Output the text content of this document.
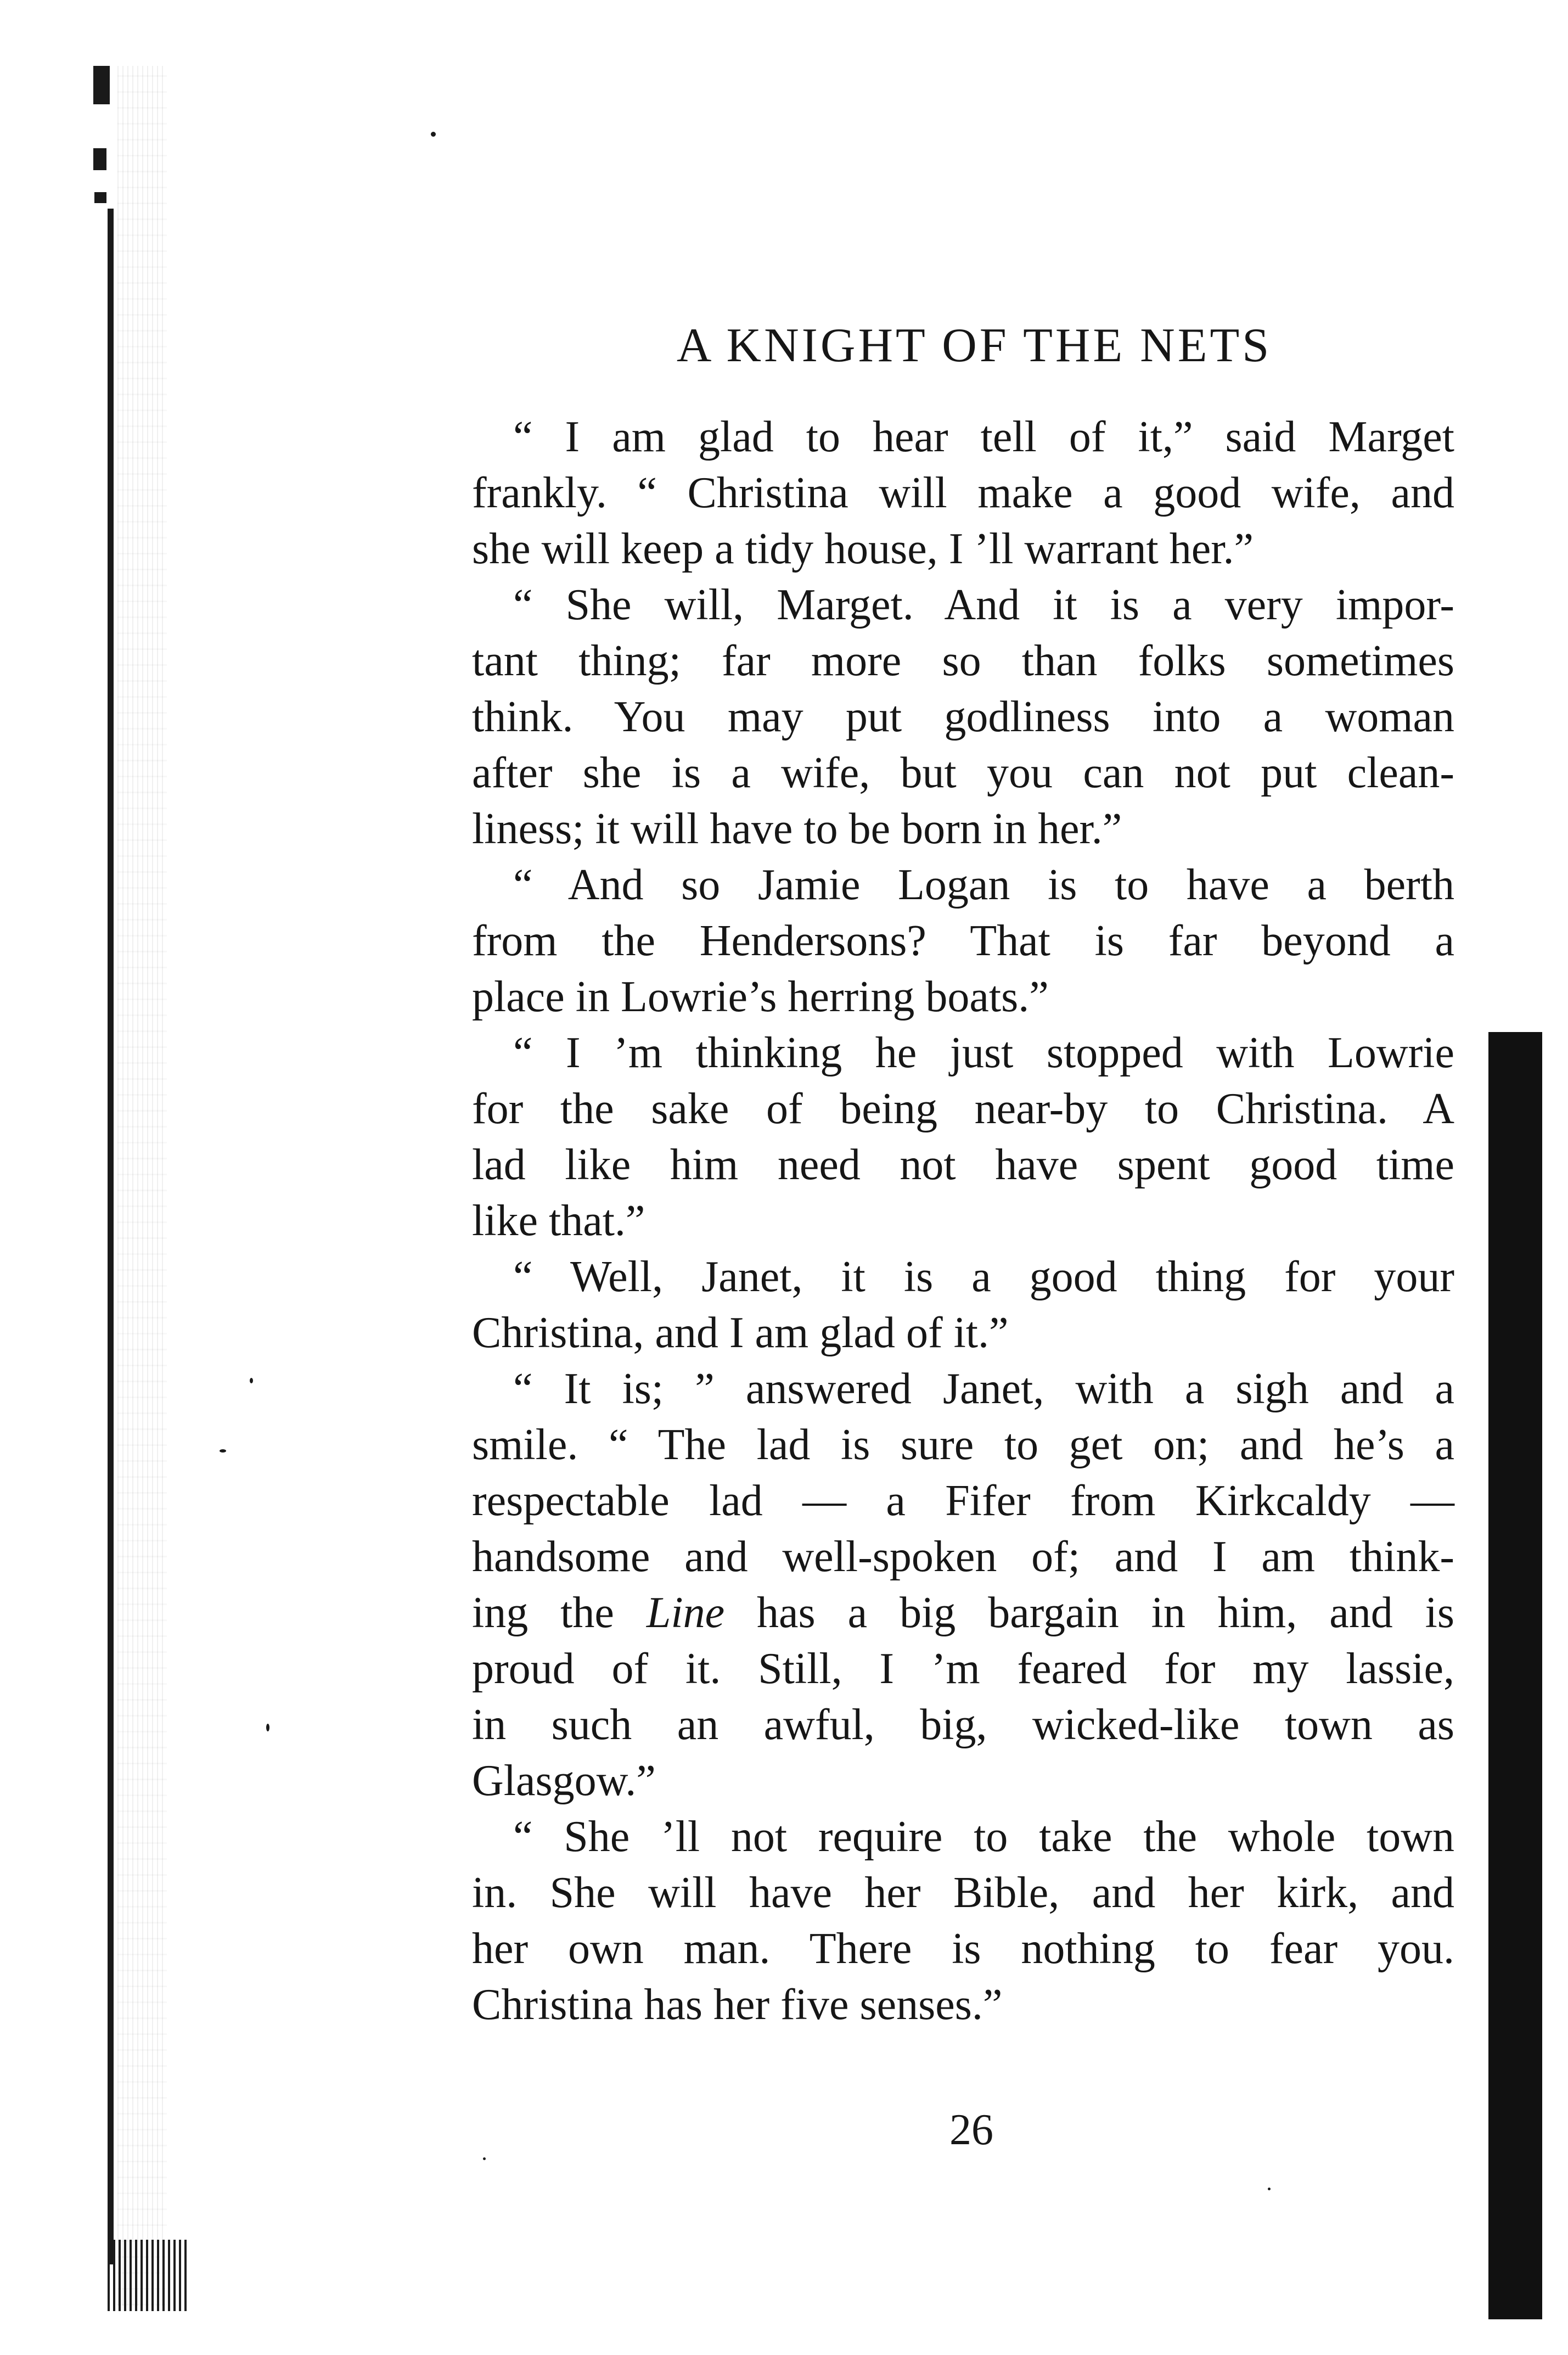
A KNIGHT OF THE NETS
“ I am glad to hear tell of it,” said Marget
frankly. “ Christina will make a good wife, and
she will keep a tidy house, I ’ll warrant her.”
“ She will, Marget. And it is a very impor-
tant thing; far more so than folks sometimes
think. You may put godliness into a woman
after she is a wife, but you can not put clean-
liness; it will have to be born in her.”
“ And so Jamie Logan is to have a berth
from the Hendersons? That is far beyond a
place in Lowrie’s herring boats.”
“ I ’m thinking he just stopped with Lowrie
for the sake of being near-by to Christina. A
lad like him need not have spent good time
like that.”
“ Well, Janet, it is a good thing for your
Christina, and I am glad of it.”
“ It is; ” answered Janet, with a sigh and a
smile. “ The lad is sure to get on; and he’s a
respectable lad — a Fifer from Kirkcaldy —
handsome and well-spoken of; and I am think-
ing the Line has a big bargain in him, and is
proud of it. Still, I ’m feared for my lassie,
in such an awful, big, wicked-like town as
Glasgow.”
“ She ’ll not require to take the whole town
in. She will have her Bible, and her kirk, and
her own man. There is nothing to fear you.
Christina has her five senses.”
26
